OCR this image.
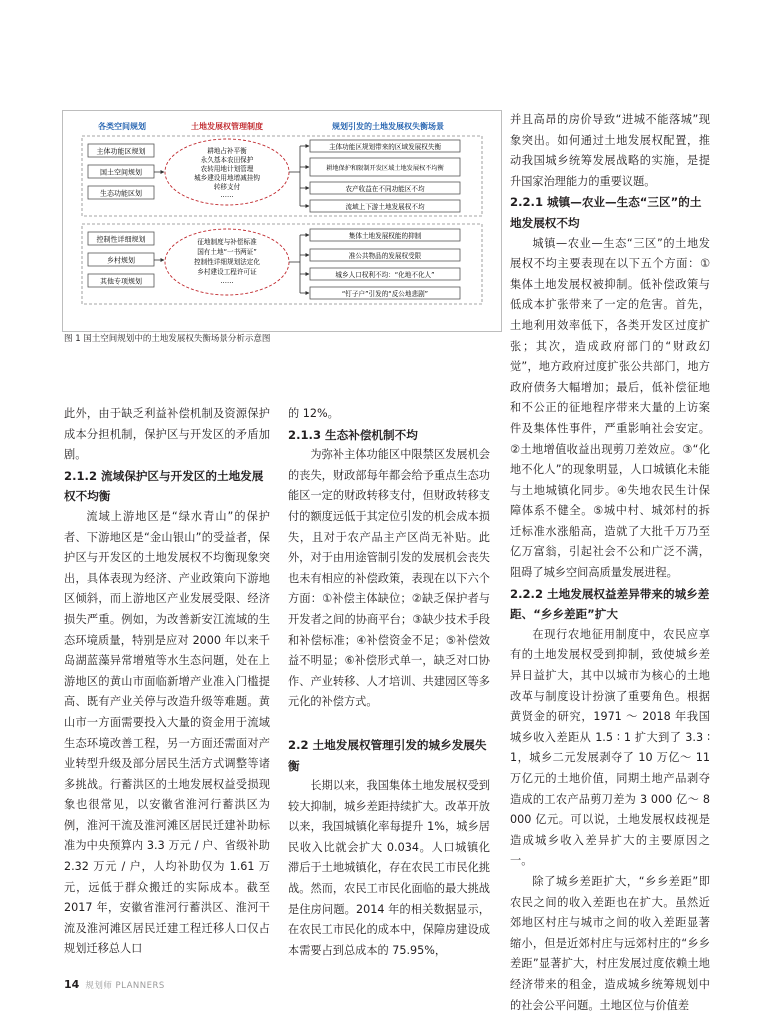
各类空间规划	土地发展权管理制度	规划引发的土地发展权失衡场景
主体功能区规划
国土空间规划
生态功能区划
耕地占补平衡
永久基本农田保护
农转用地计划管理
城乡建设用地增减挂钩
转移支付
……
主体功能区规划带来的区域发展权失衡
耕地保护和限制开发区域土地发展权不均衡
农产收益在不同功能区不均
流域上下游土地发展权不均
控制性详细规划
乡村规划
其他专项规划
征地制度与补偿标准
国有土地“一书两证”
控制性详细规划法定化
乡村建设工程许可证
……
集体土地发展权能的抑制
准公共物品的发展权受限
城乡人口权利不均：“化地不化人”
“钉子户”引发的“反公地悲剧”
图 1 国土空间规划中的土地发展权失衡场景分析示意图

此外，由于缺乏利益补偿机制及资源保护成本分担机制，保护区与开发区的矛盾加剧。

2.1.2 流域保护区与开发区的土地发展权不均衡

流域上游地区是“绿水青山”的保护者、下游地区是“金山银山”的受益者，保护区与开发区的土地发展权不均衡现象突出，具体表现为经济、产业政策向下游地区倾斜，而上游地区产业发展受限、经济损失严重。例如，为改善新安江流域的生态环境质量，特别是应对 2000 年以来千岛湖蓝藻异常增殖等水生态问题，处在上游地区的黄山市面临新增产业准入门槛提高、既有产业关停与改造升级等难题。黄山市一方面需要投入大量的资金用于流域生态环境改善工程，另一方面还需面对产业转型升级及部分居民生活方式调整等诸多挑战。行蓄洪区的土地发展权益受损现象也很常见，以安徽省淮河行蓄洪区为例，淮河干流及淮河滩区居民迁建补助标准为中央预算内 3.3 万元 / 户、省级补助 2.32 万元 / 户，人均补助仅为 1.61 万元，远低于群众搬迁的实际成本。截至 2017 年，安徽省淮河行蓄洪区、淮河干流及淮河滩区居民迁建工程迁移人口仅占规划迁移总人口

的 12%。

2.1.3 生态补偿机制不均

为弥补主体功能区中限禁区发展机会的丧失，财政部每年都会给予重点生态功能区一定的财政转移支付，但财政转移支付的额度远低于其定位引发的机会成本损失，且对于农产品主产区尚无补贴。此外，对于由用途管制引发的发展机会丧失也未有相应的补偿政策，表现在以下六个方面：①补偿主体缺位；②缺乏保护者与开发者之间的协商平台；③缺少技术手段和补偿标准；④补偿资金不足；⑤补偿效益不明显；⑥补偿形式单一，缺乏对口协作、产业转移、人才培训、共建园区等多元化的补偿方式。

2.2 土地发展权管理引发的城乡发展失衡

长期以来，我国集体土地发展权受到较大抑制，城乡差距持续扩大。改革开放以来，我国城镇化率每提升 1%，城乡居民收入比就会扩大 0.034。人口城镇化滞后于土地城镇化，存在农民工市民化挑战。然而，农民工市民化面临的最大挑战是住房问题。2014 年的相关数据显示，在农民工市民化的成本中，保障房建设成本需要占到总成本的 75.95%，

并且高昂的房价导致“进城不能落城”现象突出。如何通过土地发展权配置，推动我国城乡统筹发展战略的实施，是提升国家治理能力的重要议题。

2.2.1 城镇—农业—生态“三区”的土地发展权不均

城镇—农业—生态“三区”的土地发展权不均主要表现在以下五个方面：①集体土地发展权被抑制。低补偿政策与低成本扩张带来了一定的危害。首先，土地利用效率低下，各类开发区过度扩张；其次，造成政府部门的“财政幻觉”，地方政府过度扩张公共部门，地方政府债务大幅增加；最后，低补偿征地和不公正的征地程序带来大量的上访案件及集体性事件，严重影响社会安定。②土地增值收益出现剪刀差效应。③“化地不化人”的现象明显，人口城镇化未能与土地城镇化同步。④失地农民生计保障体系不健全。⑤城中村、城郊村的拆迁标准水涨船高，造就了大批千万乃至亿万富翁，引起社会不公和广泛不满，阻碍了城乡空间高质量发展进程。

2.2.2 土地发展权益差异带来的城乡差距、“乡乡差距”扩大

在现行农地征用制度中，农民应享有的土地发展权受到抑制，致使城乡差异日益扩大，其中以城市为核心的土地改革与制度设计扮演了重要角色。根据黄贤金的研究，1971 ～ 2018 年我国城乡收入差距从 1.5 ∶ 1 扩大到了 3.3 ∶ 1，城乡二元发展剥夺了 10 万亿～ 11 万亿元的土地价值，同期土地产品剥夺造成的工农产品剪刀差为 3 000 亿～ 8 000 亿元。可以说，土地发展权歧视是造成城乡收入差异扩大的主要原因之一。

除了城乡差距扩大，“乡乡差距”即农民之间的收入差距也在扩大。虽然近郊地区村庄与城市之间的收入差距显著缩小，但是近郊村庄与远郊村庄的“乡乡差距”显著扩大，村庄发展过度依赖土地经济带来的租金，造成城乡统筹规划中的社会公平问题。土地区位与价值差

14 规划师 PLANNERS
